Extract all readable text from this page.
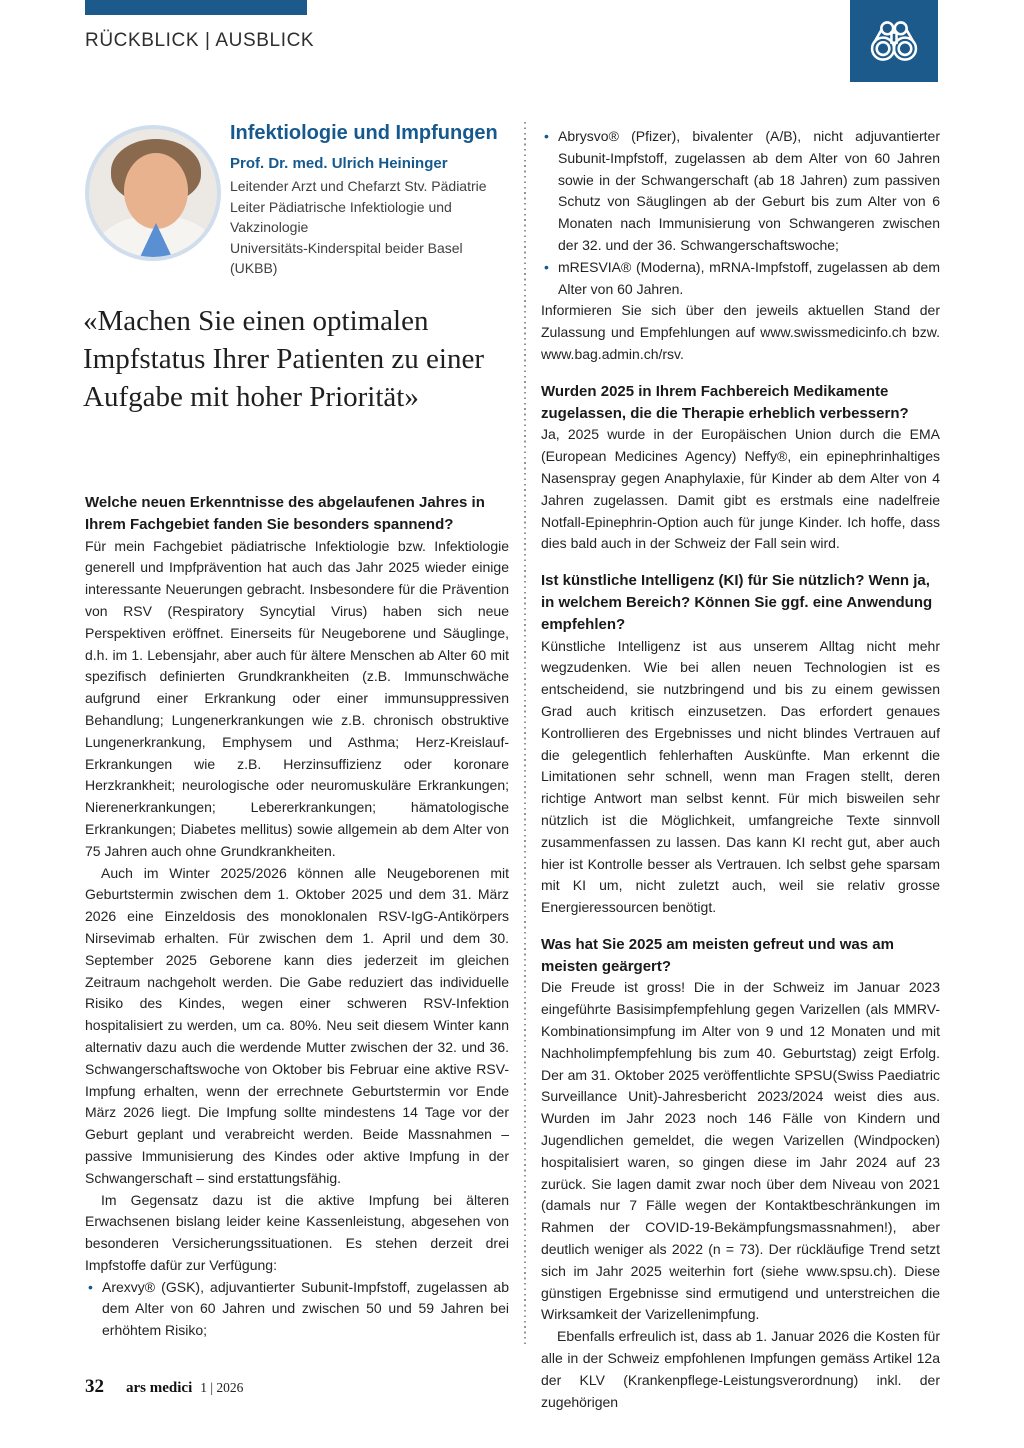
RÜCKBLICK | AUSBLICK
Infektiologie und Impfungen
Prof. Dr. med. Ulrich Heininger
Leitender Arzt und Chefarzt Stv. Pädiatrie
Leiter Pädiatrische Infektiologie und Vakzinologie
Universitäts-Kinderspital beider Basel (UKBB)
«Machen Sie einen optimalen Impfstatus Ihrer Patienten zu einer Aufgabe mit hoher Priorität»

Welche neuen Erkenntnisse des abgelaufenen Jahres in Ihrem Fachgebiet fanden Sie besonders spannend?

Für mein Fachgebiet pädiatrische Infektiologie bzw. Infektiologie generell und Impfprävention hat auch das Jahr 2025 wieder einige interessante Neuerungen gebracht. Insbesondere für die Prävention von RSV (Respiratory Syncytial Virus) haben sich neue Perspektiven eröffnet. Einerseits für Neugeborene und Säuglinge, d.h. im 1. Lebensjahr, aber auch für ältere Menschen ab Alter 60 mit spezifisch definierten Grundkrankheiten (z.B. Immunschwäche aufgrund einer Erkrankung oder einer immunsuppressiven Behandlung; Lungenerkrankungen wie z.B. chronisch obstruktive Lungenerkrankung, Emphysem und Asthma; Herz-Kreislauf-Erkrankungen wie z.B. Herzinsuffizienz oder koronare Herzkrankheit; neurologische oder neuromuskuläre Erkrankungen; Nierenerkrankungen; Lebererkrankungen; hämatologische Erkrankungen; Diabetes mellitus) sowie allgemein ab dem Alter von 75 Jahren auch ohne Grundkrankheiten.

Auch im Winter 2025/2026 können alle Neugeborenen mit Geburtstermin zwischen dem 1. Oktober 2025 und dem 31. März 2026 eine Einzeldosis des monoklonalen RSV-IgG-Antikörpers Nirsevimab erhalten. Für zwischen dem 1. April und dem 30. September 2025 Geborene kann dies jederzeit im gleichen Zeitraum nachgeholt werden. Die Gabe reduziert das individuelle Risiko des Kindes, wegen einer schweren RSV-Infektion hospitalisiert zu werden, um ca. 80%. Neu seit diesem Winter kann alternativ dazu auch die werdende Mutter zwischen der 32. und 36. Schwangerschaftswoche von Oktober bis Februar eine aktive RSV-Impfung erhalten, wenn der errechnete Geburtstermin vor Ende März 2026 liegt. Die Impfung sollte mindestens 14 Tage vor der Geburt geplant und verabreicht werden. Beide Massnahmen – passive Immunisierung des Kindes oder aktive Impfung in der Schwangerschaft – sind erstattungsfähig.

Im Gegensatz dazu ist die aktive Impfung bei älteren Erwachsenen bislang leider keine Kassenleistung, abgesehen von besonderen Versicherungssituationen. Es stehen derzeit drei Impfstoffe dafür zur Verfügung:

• Arexvy® (GSK), adjuvantierter Subunit-Impfstoff, zugelassen ab dem Alter von 60 Jahren und zwischen 50 und 59 Jahren bei erhöhtem Risiko;
• Abrysvo® (Pfizer), bivalenter (A/B), nicht adjuvantierter Subunit-Impfstoff, zugelassen ab dem Alter von 60 Jahren sowie in der Schwangerschaft (ab 18 Jahren) zum passiven Schutz von Säuglingen ab der Geburt bis zum Alter von 6 Monaten nach Immunisierung von Schwangeren zwischen der 32. und der 36. Schwangerschaftswoche;
• mRESVIA® (Moderna), mRNA-Impfstoff, zugelassen ab dem Alter von 60 Jahren.

Informieren Sie sich über den jeweils aktuellen Stand der Zulassung und Empfehlungen auf www.swissmedicinfo.ch bzw. www.bag.admin.ch/rsv.

Wurden 2025 in Ihrem Fachbereich Medikamente zugelassen, die die Therapie erheblich verbessern?

Ja, 2025 wurde in der Europäischen Union durch die EMA (European Medicines Agency) Neffy®, ein epinephrinhaltiges Nasenspray gegen Anaphylaxie, für Kinder ab dem Alter von 4 Jahren zugelassen. Damit gibt es erstmals eine nadelfreie Notfall-Epinephrin-Option auch für junge Kinder. Ich hoffe, dass dies bald auch in der Schweiz der Fall sein wird.

Ist künstliche Intelligenz (KI) für Sie nützlich? Wenn ja, in welchem Bereich? Können Sie ggf. eine Anwendung empfehlen?

Künstliche Intelligenz ist aus unserem Alltag nicht mehr wegzudenken. Wie bei allen neuen Technologien ist es entscheidend, sie nutzbringend und bis zu einem gewissen Grad auch kritisch einzusetzen. Das erfordert genaues Kontrollieren des Ergebnisses und nicht blindes Vertrauen auf die gelegentlich fehlerhaften Auskünfte. Man erkennt die Limitationen sehr schnell, wenn man Fragen stellt, deren richtige Antwort man selbst kennt. Für mich bisweilen sehr nützlich ist die Möglichkeit, umfangreiche Texte sinnvoll zusammenfassen zu lassen. Das kann KI recht gut, aber auch hier ist Kontrolle besser als Vertrauen. Ich selbst gehe sparsam mit KI um, nicht zuletzt auch, weil sie relativ grosse Energieressourcen benötigt.

Was hat Sie 2025 am meisten gefreut und was am meisten geärgert?

Die Freude ist gross! Die in der Schweiz im Januar 2023 eingeführte Basisimpfempfehlung gegen Varizellen (als MMRV-Kombinationsimpfung im Alter von 9 und 12 Monaten und mit Nachholimpfempfehlung bis zum 40. Geburtstag) zeigt Erfolg. Der am 31. Oktober 2025 veröffentlichte SPSU(Swiss Paediatric Surveillance Unit)-Jahresbericht 2023/2024 weist dies aus. Wurden im Jahr 2023 noch 146 Fälle von Kindern und Jugendlichen gemeldet, die wegen Varizellen (Windpocken) hospitalisiert waren, so gingen diese im Jahr 2024 auf 23 zurück. Sie lagen damit zwar noch über dem Niveau von 2021 (damals nur 7 Fälle wegen der Kontaktbeschränkungen im Rahmen der COVID-19-Bekämpfungsmassnahmen!), aber deutlich weniger als 2022 (n = 73). Der rückläufige Trend setzt sich im Jahr 2025 weiterhin fort (siehe www.spsu.ch). Diese günstigen Ergebnisse sind ermutigend und unterstreichen die Wirksamkeit der Varizellenimpfung.

Ebenfalls erfreulich ist, dass ab 1. Januar 2026 die Kosten für alle in der Schweiz empfohlenen Impfungen gemäss Artikel 12a der KLV (Krankenpflege-Leistungsverordnung) inkl. der zugehörigen

32 ars medici 1 | 2026
